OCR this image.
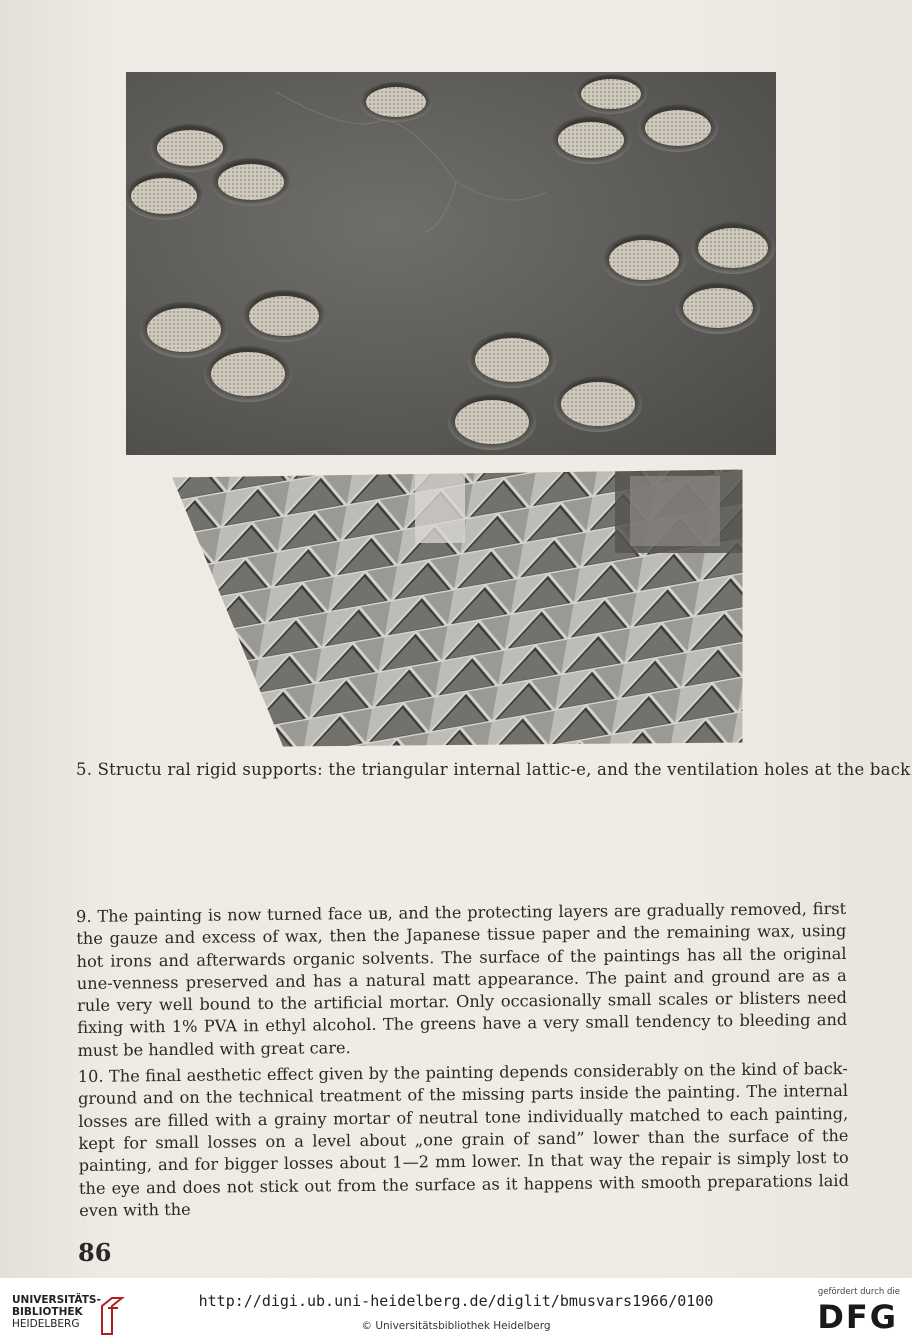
5. Structu ral rigid supports: the triangular internal lattic-e, and the ventilation holes at the back

9. The painting is now turned face uʙ, and the protecting layers are gradually removed, first the gauze and excess of wax, then the Japanese tissue paper and the remaining wax, using hot irons and afterwards organic solvents. The surface of the paintings has all the original une-venness preserved and has a natural matt appearance. The paint and ground are as a rule very well bound to the artificial mortar. Only occasionally small scales or blisters need fixing with 1% PVA in ethyl alcohol. The greens have a very small tendency to bleeding and must be handled with great care.

10. The final aesthetic effect given by the painting depends considerably on the kind of back-ground and on the technical treatment of the missing parts inside the painting. The internal losses are filled with a grainy mortar of neutral tone individually matched to each painting, kept for small losses on a level about „one grain of sand” lower than the surface of the painting, and for bigger losses about 1—2 mm lower. In that way the repair is simply lost to the eye and does not stick out from the surface as it happens with smooth preparations laid even with the

86
UNIVERSITÄTS-
BIBLIOTHEK
HEIDELBERG
http://digi.ub.uni-heidelberg.de/diglit/bmusvars1966/0100
© Universitätsbibliothek Heidelberg
gefördert durch die
DFG
